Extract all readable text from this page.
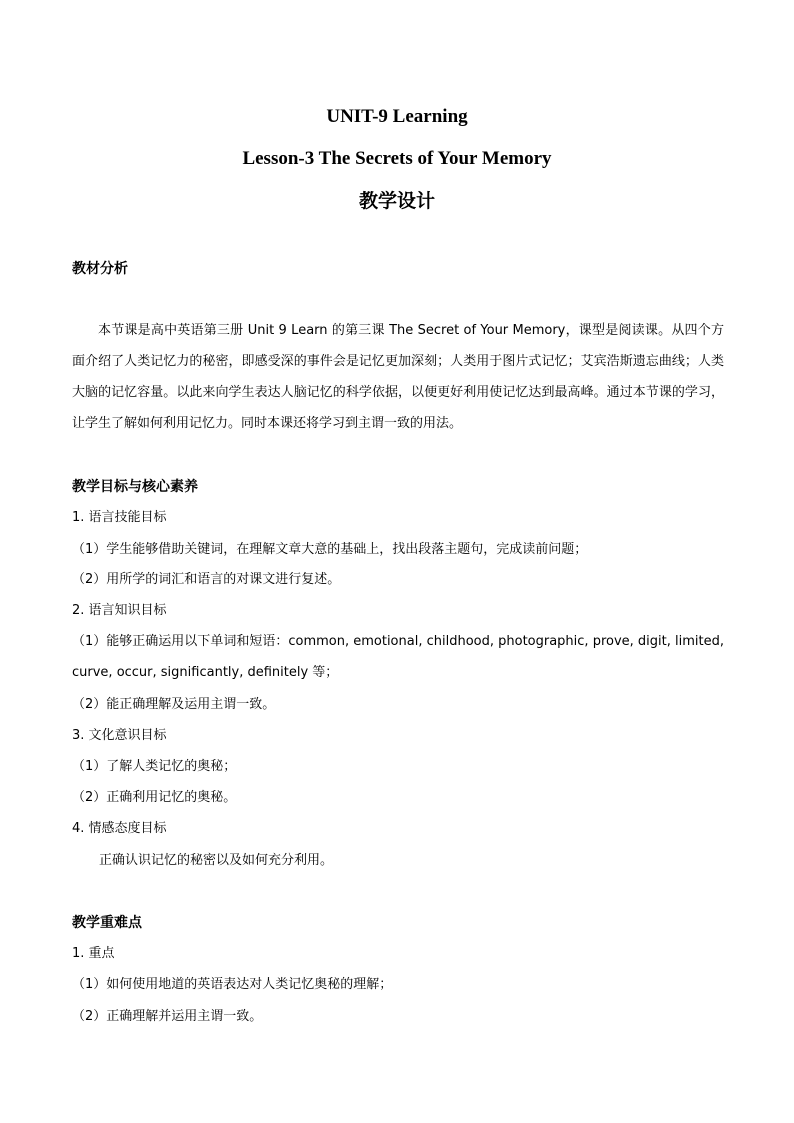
UNIT-9 Learning
Lesson-3 The Secrets of Your Memory
教学设计
教材分析
本节课是高中英语第三册 Unit 9 Learn 的第三课 The Secret of Your Memory，课型是阅读课。从四个方面介绍了人类记忆力的秘密，即感受深的事件会是记忆更加深刻；人类用于图片式记忆；艾宾浩斯遗忘曲线；人类大脑的记忆容量。以此来向学生表达人脑记忆的科学依据，以便更好利用使记忆达到最高峰。通过本节课的学习，让学生了解如何利用记忆力。同时本课还将学习到主谓一致的用法。
教学目标与核心素养
1. 语言技能目标
（1）学生能够借助关键词，在理解文章大意的基础上，找出段落主题句，完成读前问题；
（2）用所学的词汇和语言的对课文进行复述。
2. 语言知识目标
（1）能够正确运用以下单词和短语：common, emotional, childhood, photographic, prove, digit, limited, curve, occur, significantly, definitely 等；
（2）能正确理解及运用主谓一致。
3. 文化意识目标
（1）了解人类记忆的奥秘；
（2）正确利用记忆的奥秘。
4. 情感态度目标
正确认识记忆的秘密以及如何充分利用。
教学重难点
1. 重点
（1）如何使用地道的英语表达对人类记忆奥秘的理解；
（2）正确理解并运用主谓一致。
